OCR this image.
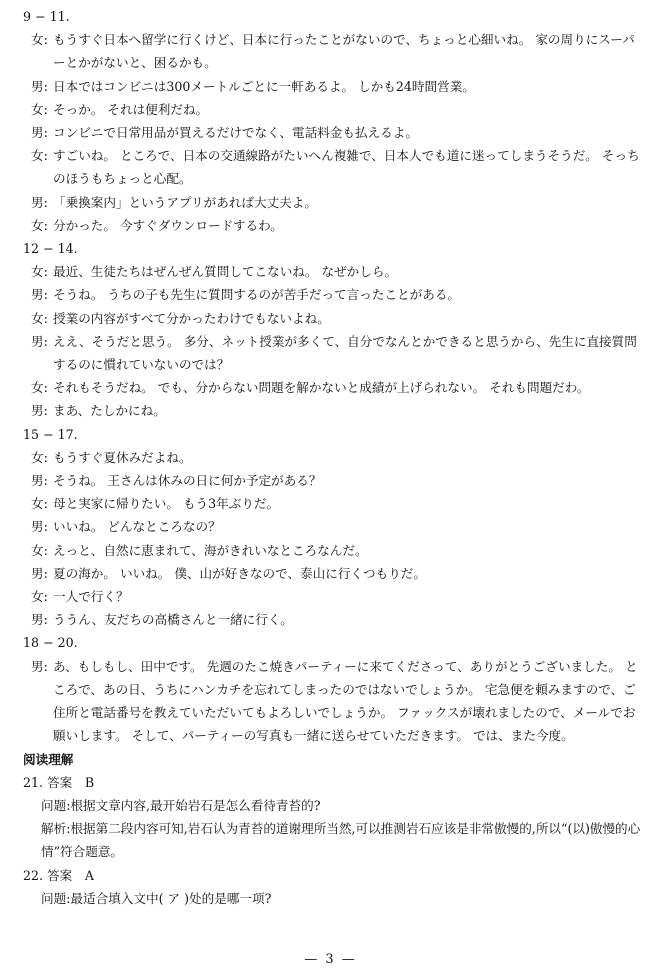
9 − 11.
女: もうすぐ日本へ留学に行くけど、日本に行ったことがないので、ちょっと心細いね。 家の周りにスーパーとかがないと、困るかも。
男: 日本ではコンビニは300メートルごとに一軒あるよ。 しかも24時間営業。
女: そっか。 それは便利だね。
男: コンビニで日常用品が買えるだけでなく、電話料金も払えるよ。
女: すごいね。 ところで、日本の交通線路がたいへん複雑で、日本人でも道に迷ってしまうそうだ。 そっちのほうもちょっと心配。
男: 「乗換案内」というアプリがあれば大丈夫よ。
女: 分かった。 今すぐダウンロードするわ。
12 − 14.
女: 最近、生徒たちはぜんぜん質問してこないね。 なぜかしら。
男: そうね。 うちの子も先生に質問するのが苦手だって言ったことがある。
女: 授業の内容がすべて分かったわけでもないよね。
男: ええ、そうだと思う。 多分、ネット授業が多くて、自分でなんとかできると思うから、先生に直接質問するのに慣れていないのでは？
女: それもそうだね。 でも、分からない問題を解かないと成績が上げられない。 それも問題だわ。
男: まあ、たしかにね。
15 − 17.
女: もうすぐ夏休みだよね。
男: そうね。 王さんは休みの日に何か予定がある？
女: 母と実家に帰りたい。 もう3年ぶりだ。
男: いいね。 どんなところなの？
女: えっと、自然に恵まれて、海がきれいなところなんだ。
男: 夏の海か。 いいね。 僕、山が好きなので、泰山に行くつもりだ。
女: 一人で行く？
男: ううん、友だちの高橋さんと一緒に行く。
18 − 20.
男: あ、もしもし、田中です。 先週のたこ焼きパーティーに来てくださって、ありがとうございました。 ところで、あの日、うちにハンカチを忘れてしまったのではないでしょうか。 宅急便を頼みますので、ご住所と電話番号を教えていただいてもよろしいでしょうか。 ファックスが壊れましたので、メールでお願いします。 そして、パーティーの写真も一緒に送らせていただきます。 では、また今度。
阅读理解
21. 答案　B
问题:根据文章内容,最开始岩石是怎么看待青苔的?
解析:根据第二段内容可知,岩石认为青苔的道谢理所当然,可以推测岩石应该是非常傲慢的,所以“(以)傲慢的心情”符合题意。
22. 答案　A
问题:最适合填入文中( ア )处的是哪一项?
— 3 —
